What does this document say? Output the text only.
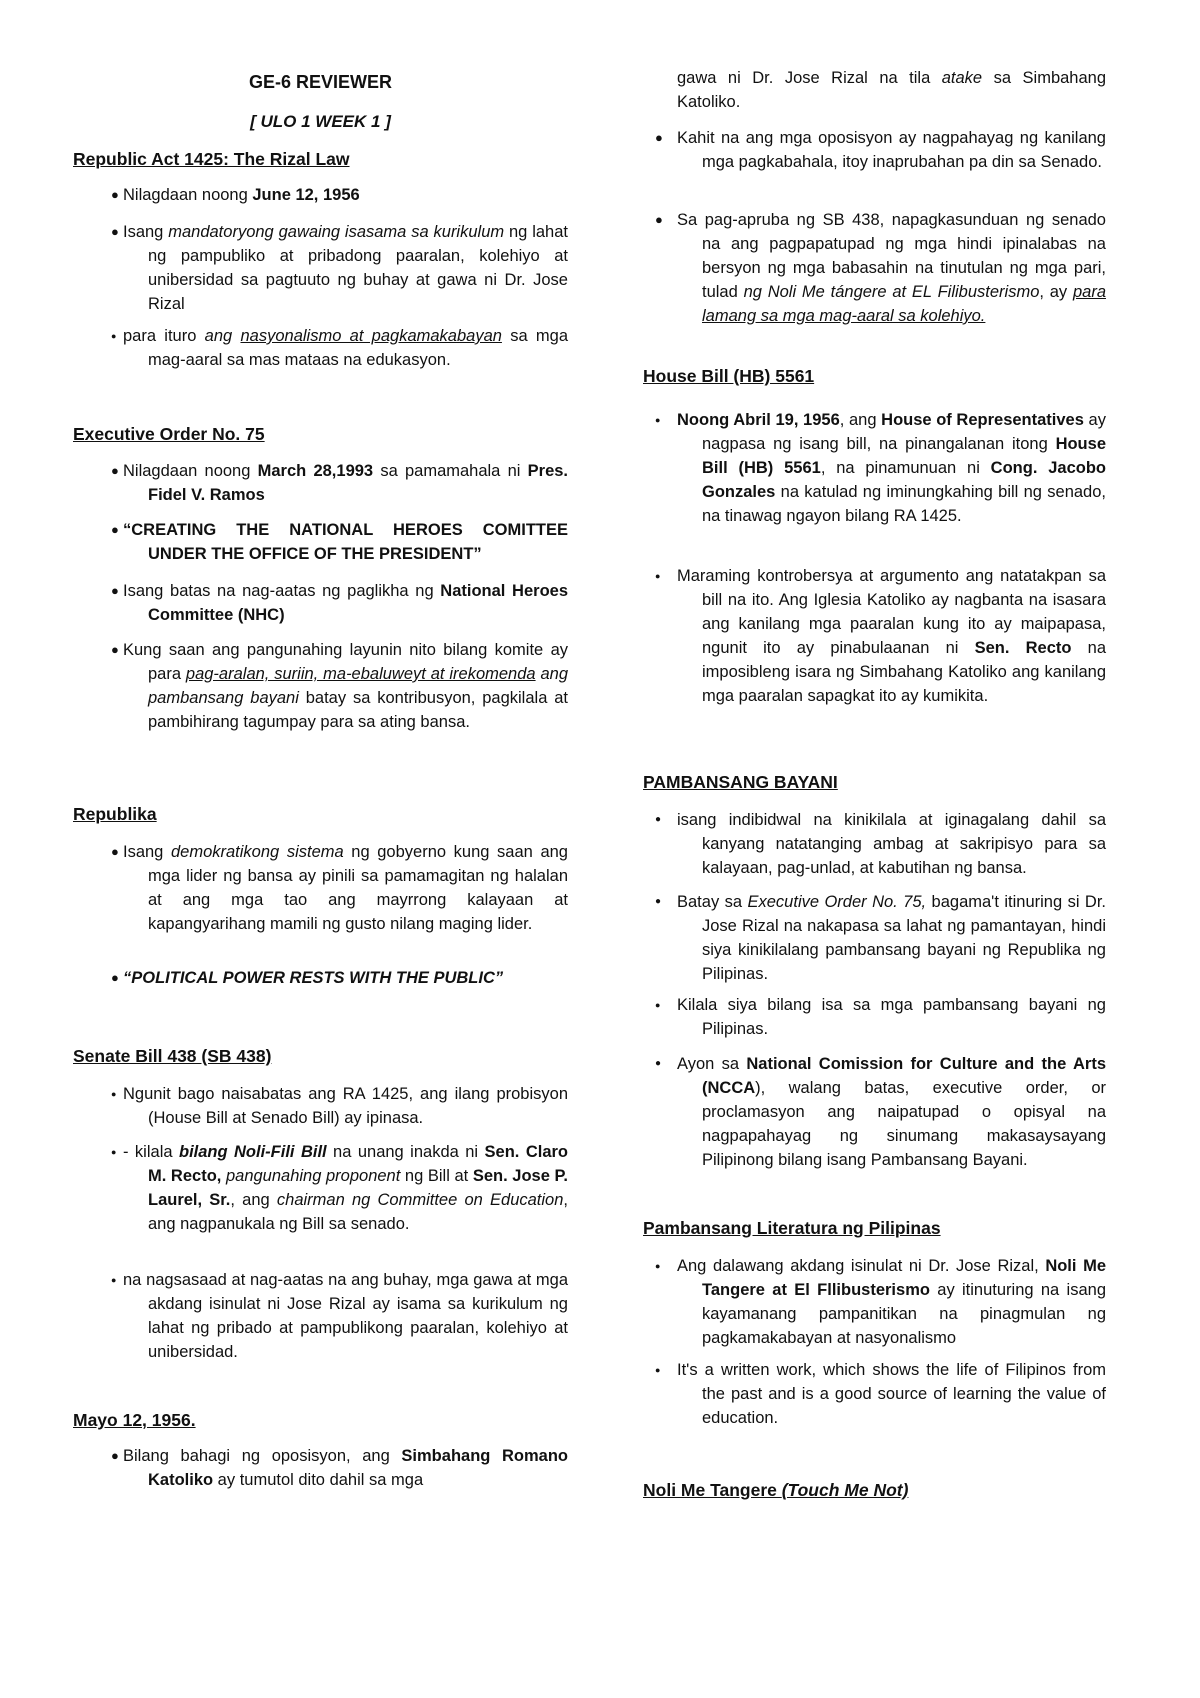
GE-6 REVIEWER
[ ULO 1 WEEK 1 ]
Republic Act 1425: The Rizal Law
● Nilagdaan noong June 12, 1956
● Isang mandatoryong gawaing isasama sa kurikulum ng lahat ng pampubliko at pribadong paaralan, kolehiyo at unibersidad sa pagtuuto ng buhay at gawa ni Dr. Jose Rizal
● para ituro ang nasyonalismo at pagkamakabayan sa mga mag-aaral sa mas mataas na edukasyon.
Executive Order No. 75
● Nilagdaan noong March 28,1993 sa pamamahala ni Pres. Fidel V. Ramos
● “CREATING THE NATIONAL HEROES COMITTEE UNDER THE OFFICE OF THE PRESIDENT”
● Isang batas na nag-aatas ng paglikha ng National Heroes Committee (NHC)
● Kung saan ang pangunahing layunin nito bilang komite ay para pag-aralan, suriin, ma-ebaluweyt at irekomenda ang pambansang bayani batay sa kontribusyon, pagkilala at pambihirang tagumpay para sa ating bansa.
Republika
● Isang demokratikong sistema ng gobyerno kung saan ang mga lider ng bansa ay pinili sa pamamagitan ng halalan at ang mga tao ang mayrrong kalayaan at kapangyarihang mamili ng gusto nilang maging lider.
● “POLITICAL POWER RESTS WITH THE PUBLIC”
Senate Bill 438 (SB 438)
● Ngunit bago naisabatas ang RA 1425, ang ilang probisyon (House Bill at Senado Bill) ay ipinasa.
● - kilala bilang Noli-Fili Bill na unang inakda ni Sen. Claro M. Recto, pangunahing proponent ng Bill at Sen. Jose P. Laurel, Sr., ang chairman ng Committee on Education, ang nagpanukala ng Bill sa senado.
● na nagsasaad at nag-aatas na ang buhay, mga gawa at mga akdang isinulat ni Jose Rizal ay isama sa kurikulum ng lahat ng pribado at pampublikong paaralan, kolehiyo at unibersidad.
Mayo 12, 1956.
● Bilang bahagi ng oposisyon, ang Simbahang Romano Katoliko ay tumutol dito dahil sa mga
gawa ni Dr. Jose Rizal na tila atake sa Simbahang Katoliko.
● Kahit na ang mga oposisyon ay nagpahayag ng kanilang mga pagkabahala, itoy inaprubahan pa din sa Senado.
● Sa pag-apruba ng SB 438, napagkasunduan ng senado na ang pagpapatupad ng mga hindi ipinalabas na bersyon ng mga babasahin na tinutulan ng mga pari, tulad ng Noli Me tángere at EL Filibusterismo, ay para lamang sa mga mag-aaral sa kolehiyo.
House Bill (HB) 5561
● Noong Abril 19, 1956, ang House of Representatives ay nagpasa ng isang bill, na pinangalanan itong House Bill (HB) 5561, na pinamunuan ni Cong. Jacobo Gonzales na katulad ng iminungkahing bill ng senado, na tinawag ngayon bilang RA 1425.
● Maraming kontrobersya at argumento ang natatakpan sa bill na ito. Ang Iglesia Katoliko ay nagbanta na isasara ang kanilang mga paaralan kung ito ay maipapasa, ngunit ito ay pinabulaanan ni Sen. Recto na imposibleng isara ng Simbahang Katoliko ang kanilang mga paaralan sapagkat ito ay kumikita.
PAMBANSANG BAYANI
● isang indibidwal na kinikilala at iginagalang dahil sa kanyang natatanging ambag at sakripisyo para sa kalayaan, pag-unlad, at kabutihan ng bansa.
● Batay sa Executive Order No. 75, bagama't itinuring si Dr. Jose Rizal na nakapasa sa lahat ng pamantayan, hindi siya kinikilalang pambansang bayani ng Republika ng Pilipinas.
● Kilala siya bilang isa sa mga pambansang bayani ng Pilipinas.
● Ayon sa National Comission for Culture and the Arts (NCCA), walang batas, executive order, or proclamasyon ang naipatupad o opisyal na nagpapahayag ng sinumang makasaysayang Pilipinong bilang isang Pambansang Bayani.
Pambansang Literatura ng Pilipinas
● Ang dalawang akdang isinulat ni Dr. Jose Rizal, Noli Me Tangere at El Fllibusterismo ay itinuturing na isang kayamanang pampanitikan na pinagmulan ng pagkamakabayan at nasyonalismo
● It's a written work, which shows the life of Filipinos from the past and is a good source of learning the value of education.
Noli Me Tangere (Touch Me Not)
